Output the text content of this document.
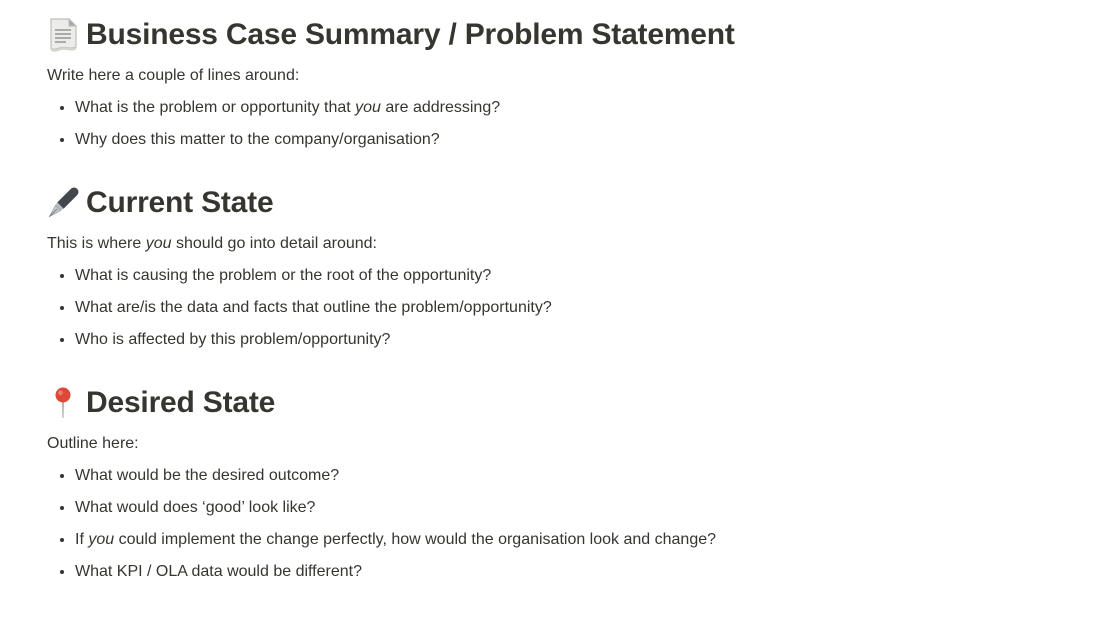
Business Case Summary / Problem Statement

Write here a couple of lines around:

• What is the problem or opportunity that you are addressing?
• Why does this matter to the company/organisation?
Current State

This is where you should go into detail around:

• What is causing the problem or the root of the opportunity?
• What are/is the data and facts that outline the problem/opportunity?
• Who is affected by this problem/opportunity?
Desired State

Outline here:

• What would be the desired outcome?
• What would does ‘good’ look like?
• If you could implement the change perfectly, how would the organisation look and change?
• What KPI / OLA data would be different?
